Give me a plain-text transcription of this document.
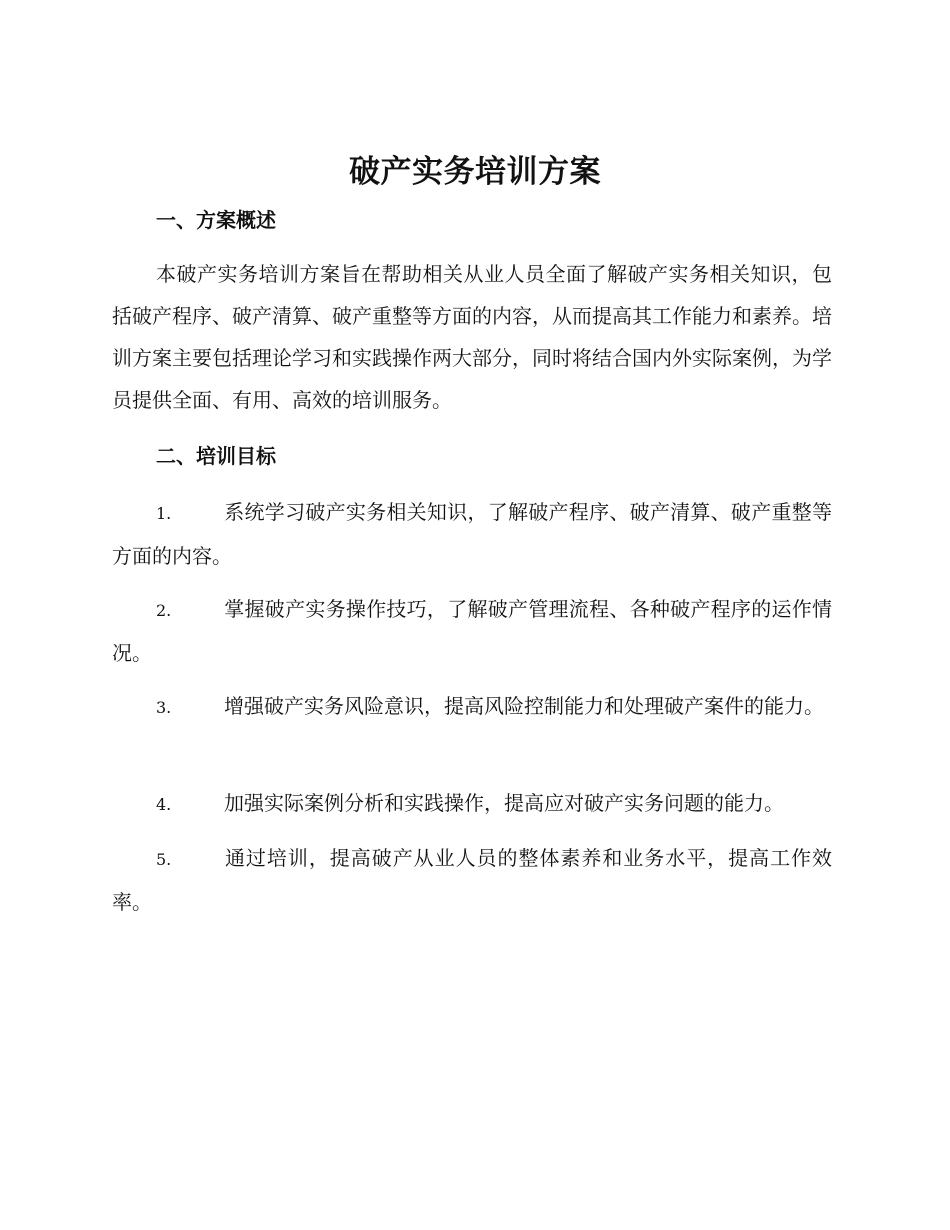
破产实务培训方案
一、方案概述
本破产实务培训方案旨在帮助相关从业人员全面了解破产实务相关知识，包括破产程序、破产清算、破产重整等方面的内容，从而提高其工作能力和素养。培训方案主要包括理论学习和实践操作两大部分，同时将结合国内外实际案例，为学员提供全面、有用、高效的培训服务。
二、培训目标
1.	系统学习破产实务相关知识，了解破产程序、破产清算、破产重整等方面的内容。
2.	掌握破产实务操作技巧，了解破产管理流程、各种破产程序的运作情况。
3.	增强破产实务风险意识，提高风险控制能力和处理破产案件的能力。
4.	加强实际案例分析和实践操作，提高应对破产实务问题的能力。
5.	通过培训，提高破产从业人员的整体素养和业务水平，提高工作效率。
